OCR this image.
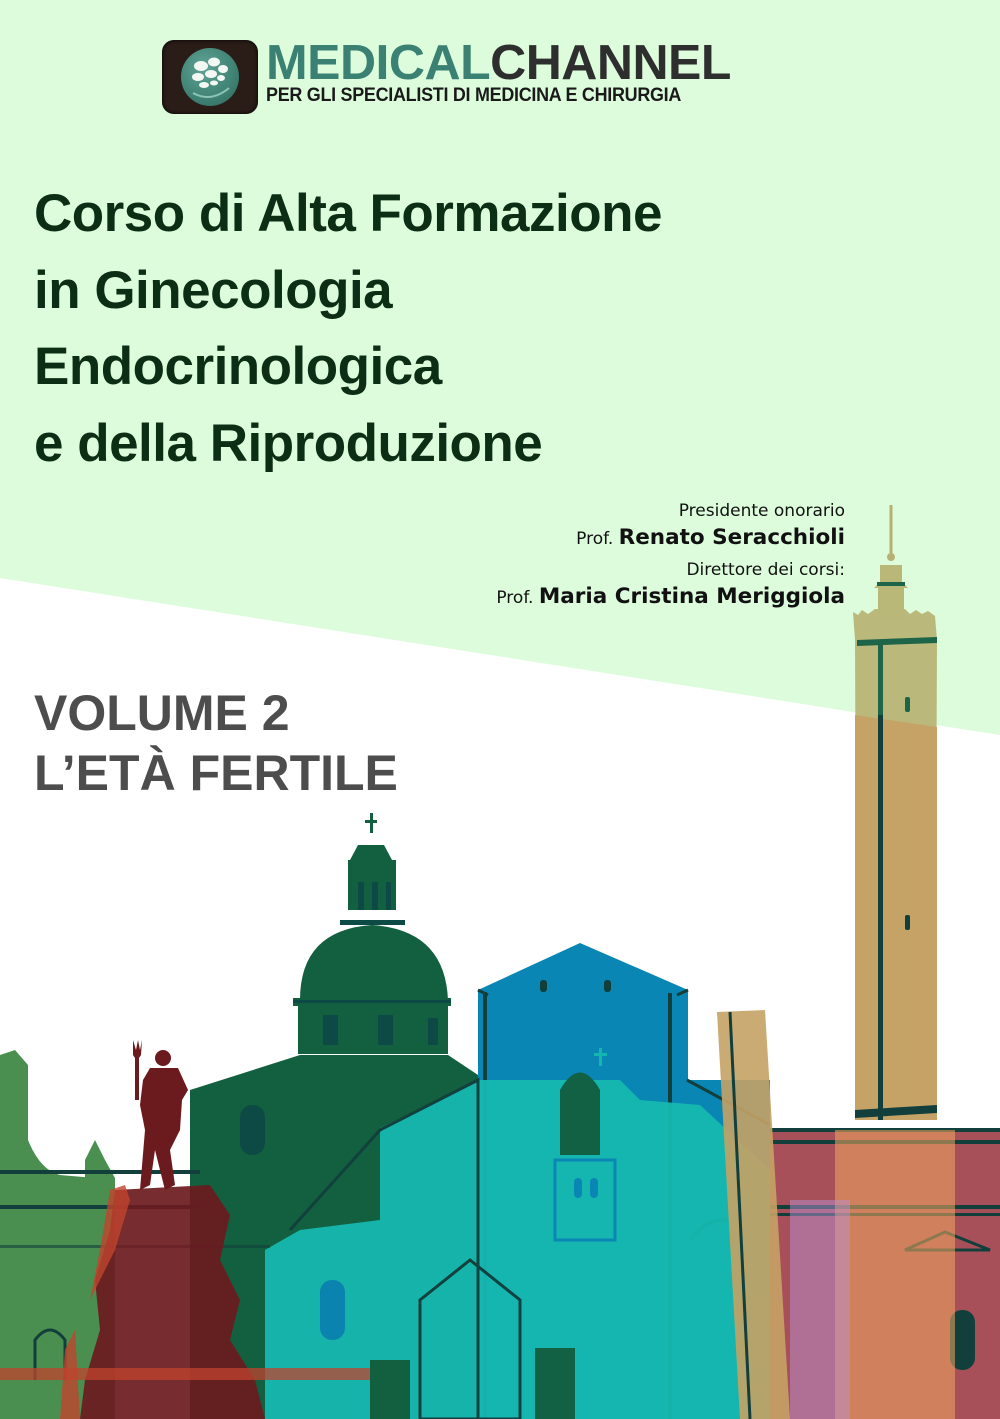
MEDICALCHANNEL
PER GLI SPECIALISTI DI MEDICINA E CHIRURGIA
Corso di Alta Formazione
in Ginecologia
Endocrinologica
e della Riproduzione
Presidente onorario
Prof. Renato Seracchioli
Direttore dei corsi:
Prof. Maria Cristina Meriggiola
VOLUME 2
L’ETÀ FERTILE
